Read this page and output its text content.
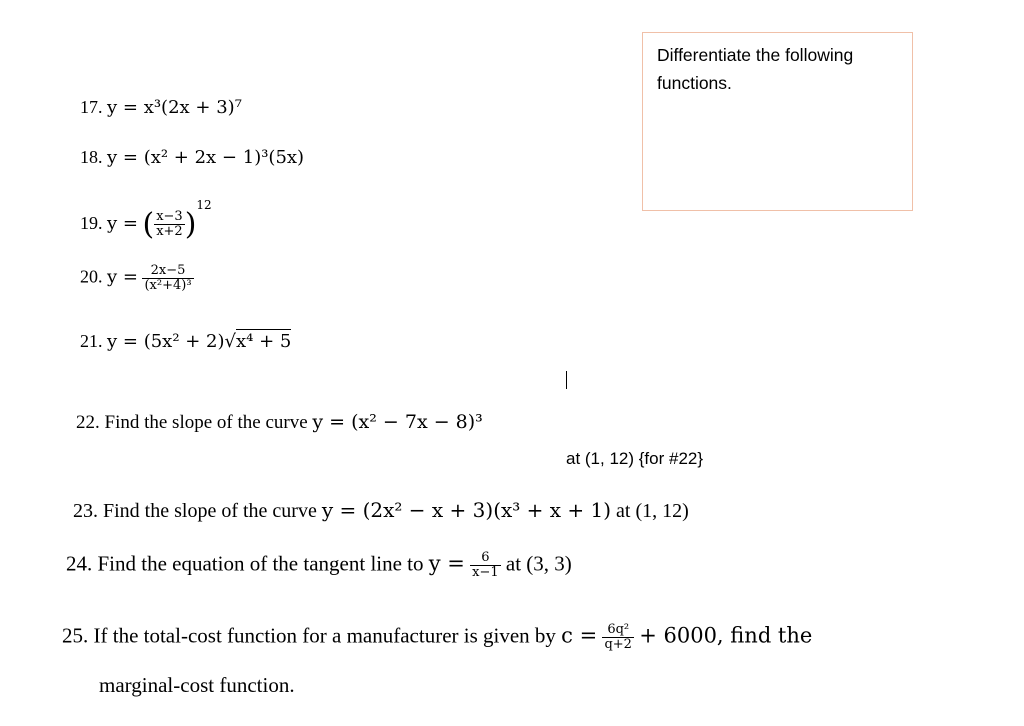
Differentiate the following functions.
17. y = x³(2x + 3)⁷
18. y = (x² + 2x − 1)³(5x)
19. y = ( $\frac{x-3}{x+2} )^{12}$
20. $y = \frac{2x-5}{\text{(x²+4)³}}$
21. y = (5x² + 2)√x⁴ + 5
22. Find the slope of the curve y = (x² − 7x − 8)³
at (1, 12) {for #22}
23. Find the slope of the curve y = (2x² − x + 3)(x³ + x + 1) at (1, 12)
24. Find the equation of the tangent line to $y = \frac{6}{x-1}$ at (3, 3)
25. If the total-cost function for a manufacturer is given by $c = \frac{\text{6q²}}{q+2} + 6000$, find the
marginal-cost function.
